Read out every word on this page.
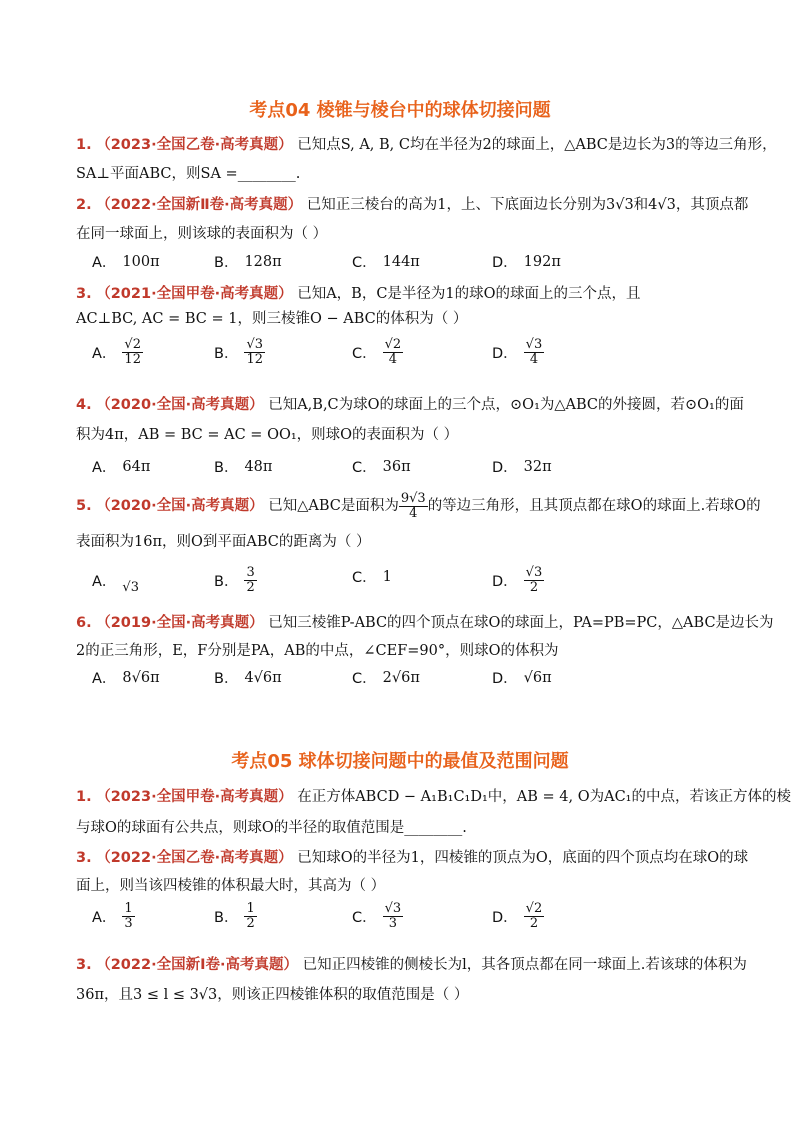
考点04 棱锥与棱台中的球体切接问题
1. （2023·全国乙卷·高考真题） 已知点S, A, B, C均在半径为2的球面上，△ABC是边长为3的等边三角形，
SA⊥平面ABC，则SA =________.
2. （2022·全国新Ⅱ卷·高考真题） 已知正三棱台的高为1，上、下底面边长分别为3√3和4√3，其顶点都
在同一球面上，则该球的表面积为（ ）
A． 100π	B． 128π	C． 144π	D． 192π
3. （2021·全国甲卷·高考真题） 已知A，B，C是半径为1的球O的球面上的三个点，且
AC⊥BC, AC = BC = 1，则三棱锥O − ABC的体积为（ ）
A． $\frac{√2}{12}$	B． $\frac{√3}{12}$	C． $\frac{√2}{4}$	D． $\frac{√3}{4}$
4. （2020·全国·高考真题） 已知A,B,C为球O的球面上的三个点，⊙O₁为△ABC的外接圆，若⊙O₁的面
积为4π，AB = BC = AC = OO₁，则球O的表面积为（ ）
A． 64π	B． 48π	C． 36π	D． 32π
5. （2020·全国·高考真题） 已知△ABC是面积为 $\frac{9√3}{4}$ 的等边三角形，且其顶点都在球O的球面上.若球O的
表面积为16π，则O到平面ABC的距离为（ ）
A． √3	B． $\frac{3}{2}$	C． 1	D． $\frac{√3}{2}$
6. （2019·全国·高考真题） 已知三棱锥P-ABC的四个顶点在球O的球面上，PA=PB=PC，△ABC是边长为
2的正三角形，E，F分别是PA，AB的中点，∠CEF=90°，则球O的体积为
A． 8√6π	B． 4√6π	C． 2√6π	D． √6π
考点05 球体切接问题中的最值及范围问题
1. （2023·全国甲卷·高考真题） 在正方体ABCD − A₁B₁C₁D₁中，AB = 4, O为AC₁的中点，若该正方体的棱
与球O的球面有公共点，则球O的半径的取值范围是________.
3. （2022·全国乙卷·高考真题） 已知球O的半径为1，四棱锥的顶点为O，底面的四个顶点均在球O的球
面上，则当该四棱锥的体积最大时，其高为（ ）
A． $\frac{1}{3}$	B． $\frac{1}{2}$	C． $\frac{√3}{3}$	D． $\frac{√2}{2}$
3. （2022·全国新Ⅰ卷·高考真题） 已知正四棱锥的侧棱长为l，其各顶点都在同一球面上.若该球的体积为
36π，且3 ≤ l ≤ 3√3，则该正四棱锥体积的取值范围是（ ）
